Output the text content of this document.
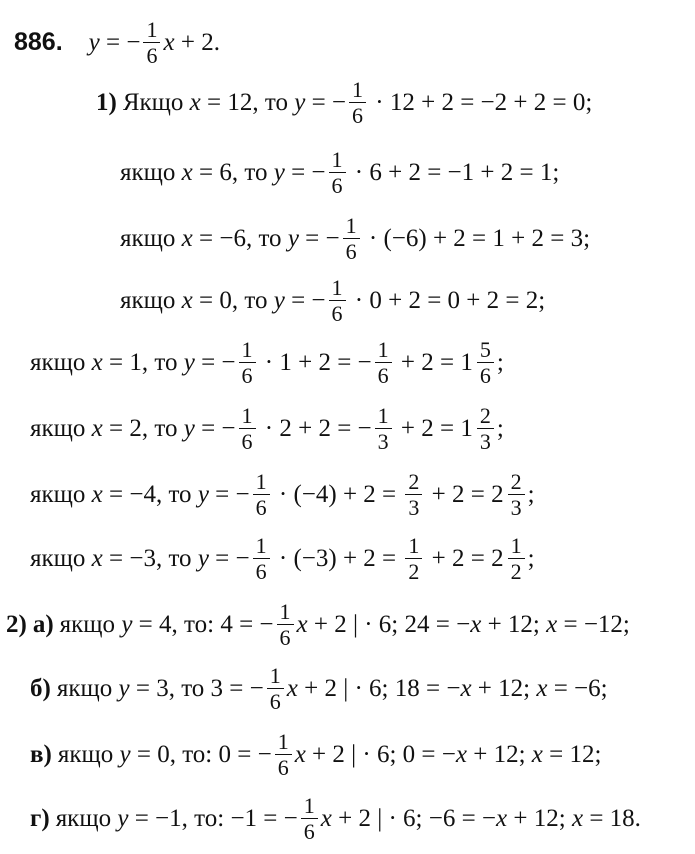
886. y = − $\frac{1}{6}$ x + 2.
1) Якщо
x = 12, то y = − $\frac{1}{6} \cdot 12 + 2 = -2 + 2 = 0$;
якщо
x = 6, то y = − $\frac{1}{6} \cdot 6 + 2 = -1 + 2 = 1$;
якщо
x = −6, то y = − $\frac{1}{6} \cdot (-6) + 2 = 1 + 2 = 3$;
якщо
x = 0, то y = − $\frac{1}{6} \cdot 0 + 2 = 0 + 2 = 2$;
якщо
x = 1, то y = − $\frac{1}{6} \cdot 1 + 2$ = − $\frac{1}{6} + 2 = 1 \frac{5}{6}$ ;
якщо
x = 2, то y = − $\frac{1}{6} \cdot 2 + 2$ = − $\frac{1}{3} + 2 = 1 \frac{2}{3}$ ;
якщо
x = −4, то y = − $\frac{1}{6} \cdot (-4) + 2 = \frac{2}{3} + 2 = 2 \frac{2}{3}$ ;
якщо
x = −3, то y = − $\frac{1}{6} \cdot (-3) + 2 = \frac{1}{2} + 2 = 2 \frac{1}{2}$ ;
2) а) якщо
y = 4, то: 4 = − $\frac{1}{6}$ x + 2 | · 6; 24 = − x + 12; x = −12;
б) якщо
y = 3, то 3 = − $\frac{1}{6}$ x + 2 | · 6; 18 = − x + 12; x = −6;
в) якщо
y = 0, то: 0 = − $\frac{1}{6}$ x + 2 | · 6; 0 = − x + 12; x = 12;
г) якщо
y = −1, то: −1 = − $\frac{1}{6}$ x + 2 | · 6; −6 = − x + 12; x = 18.
